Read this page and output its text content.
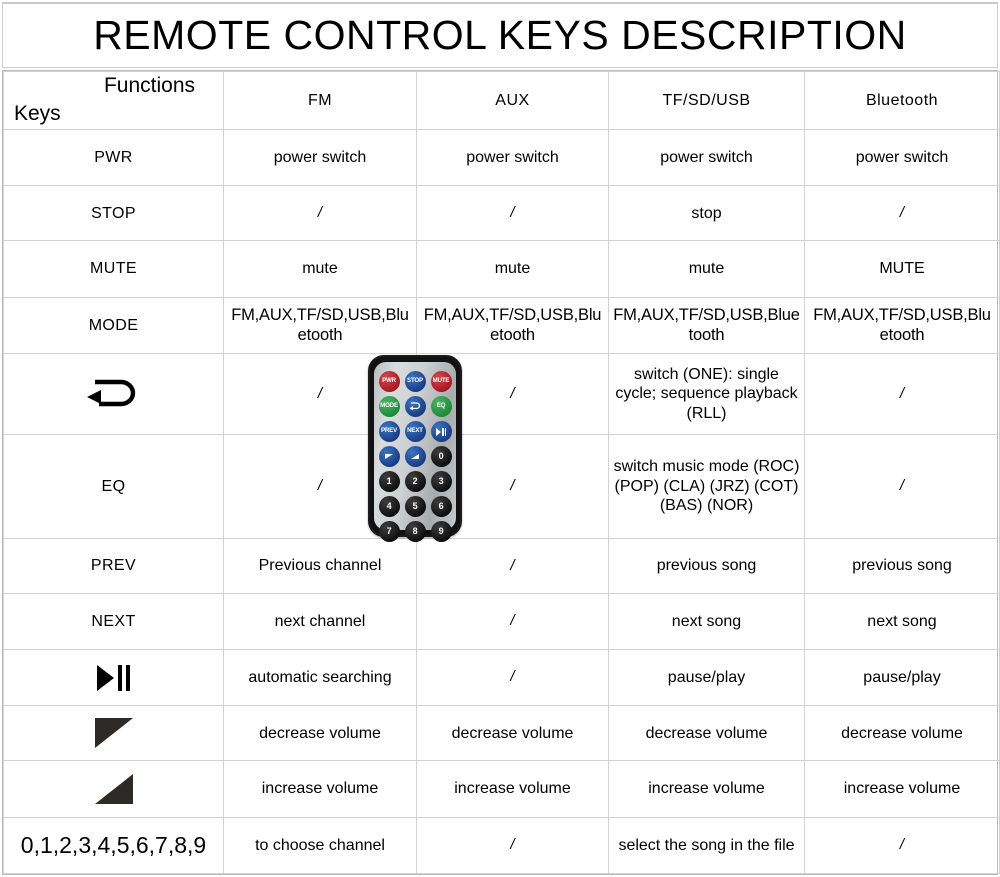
REMOTE CONTROL KEYS DESCRIPTION
Functions
Keys	FM	AUX	TF/SD/USB	Bluetooth
PWR	power switch	power switch	power switch	power switch
STOP	/	/	stop	/
MUTE	mute	mute	mute	MUTE
MODE	FM,AUX,TF/SD,USB,Bluetooth	FM,AUX,TF/SD,USB,Bluetooth	FM,AUX,TF/SD,USB,Bluetooth	FM,AUX,TF/SD,USB,Bluetooth

	/	/	switch (ONE): single cycle; sequence playback (RLL)	/
EQ	/	/	switch music mode (ROC) (POP) (CLA) (JRZ) (COT) (BAS) (NOR)	/
PREV	Previous channel	/	previous song	previous song
NEXT	next channel	/	next song	next song

	automatic searching	/	pause/play	pause/play

	decrease volume	decrease volume	decrease volume	decrease volume

	increase volume	increase volume	increase volume	increase volume
0,1,2,3,4,5,6,7,8,9	to choose channel	/	select the song in the file	/
PWR	STOP	MUTE
MODE	EQ
PREV	NEXT
0
1	2	3
4	5	6
7	8	9
